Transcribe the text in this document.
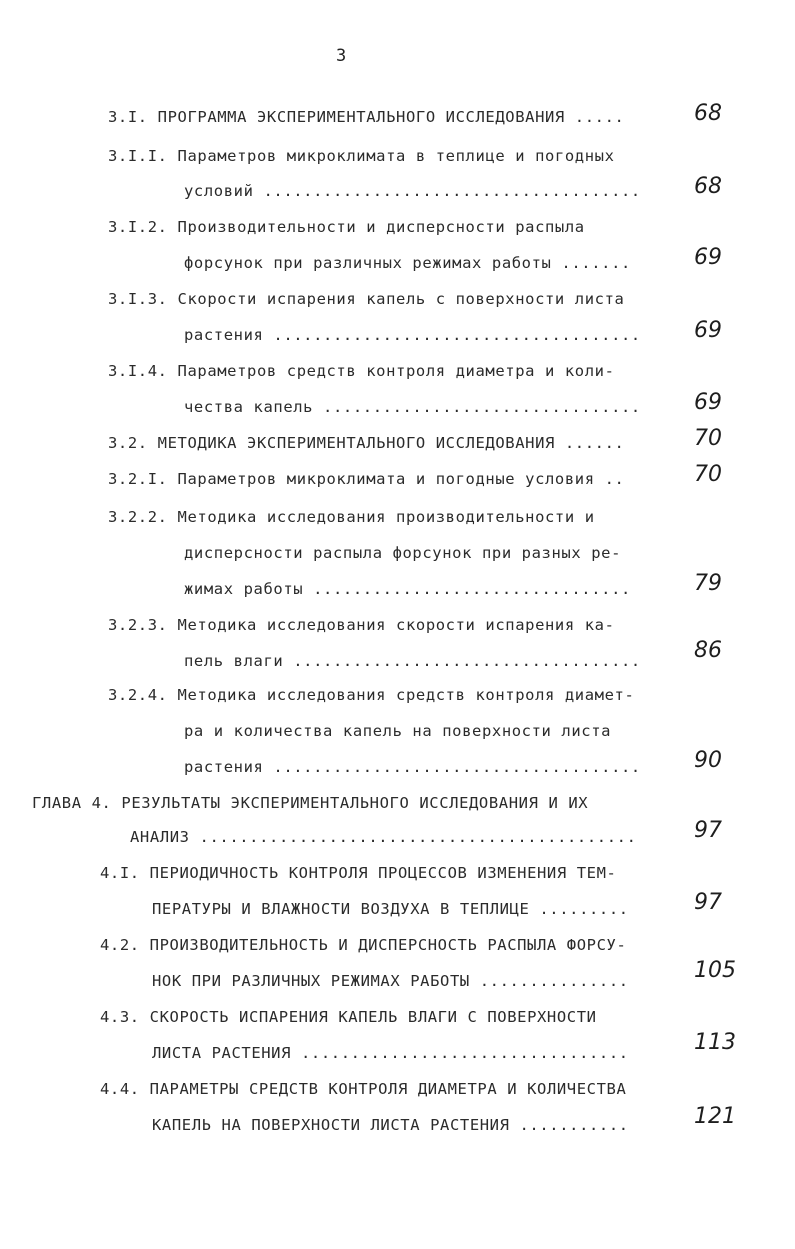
3
3.I. ПРОГРАММА ЭКСПЕРИМЕНТАЛЬНОГО ИССЛЕДОВАНИЯ .....	68
3.I.I. Параметров микроклимата в теплице и погодных
условий ...................................... 68
3.I.2. Производительности и дисперсности распыла
форсунок при различных режимах работы .......	69
3.I.3. Скорости испарения капель с поверхности листа
растения ..................................... 69
3.I.4. Параметров средств контроля диаметра и коли-
чества капель ................................ 69
3.2. МЕТОДИКА ЭКСПЕРИМЕНТАЛЬНОГО ИССЛЕДОВАНИЯ ......	70
3.2.I. Параметров микроклимата и погодные условия ..	70
3.2.2. Методика исследования производительности и
дисперсности распыла форсунок при разных ре-
жимах работы ................................	79
3.2.3. Методика исследования скорости испарения ка-
пель влаги ................................... 86
3.2.4. Методика исследования средств контроля диамет-
ра и количества капель на поверхности листа
растения ..................................... 90
ГЛАВА 4. РЕЗУЛЬТАТЫ ЭКСПЕРИМЕНТАЛЬНОГО ИССЛЕДОВАНИЯ И ИХ
АНАЛИЗ ............................................	97
4.I. ПЕРИОДИЧНОСТЬ КОНТРОЛЯ ПРОЦЕССОВ ИЗМЕНЕНИЯ ТЕМ-
ПЕРАТУРЫ И ВЛАЖНОСТИ ВОЗДУХА В ТЕПЛИЦЕ .........	97
4.2. ПРОИЗВОДИТЕЛЬНОСТЬ И ДИСПЕРСНОСТЬ РАСПЫЛА ФОРСУ-
НОК ПРИ РАЗЛИЧНЫХ РЕЖИМАХ РАБОТЫ ...............	105
4.3. СКОРОСТЬ ИСПАРЕНИЯ КАПЕЛЬ ВЛАГИ С ПОВЕРХНОСТИ
ЛИСТА РАСТЕНИЯ .................................	113
4.4. ПАРАМЕТРЫ СРЕДСТВ КОНТРОЛЯ ДИАМЕТРА И КОЛИЧЕСТВА
КАПЕЛЬ НА ПОВЕРХНОСТИ ЛИСТА РАСТЕНИЯ ...........	121
